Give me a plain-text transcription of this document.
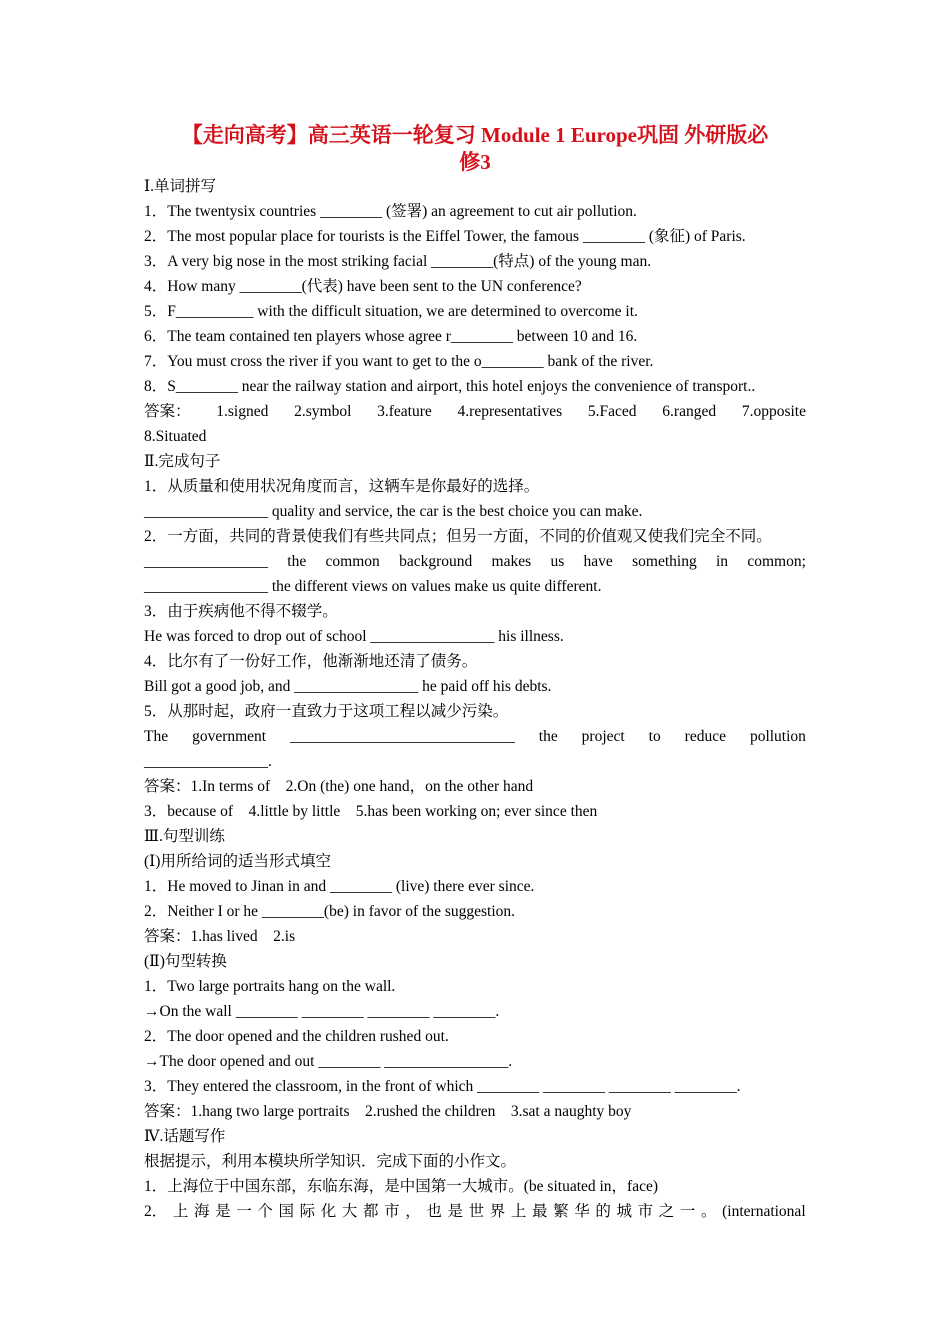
【走向高考】高三英语一轮复习 Module 1 Europe巩固 外研版必
修3
Ⅰ.单词拼写
1．The twentysix countries ________ (签署) an agreement to cut air pollution.
2．The most popular place for tourists is the Eiffel Tower, the famous ________ (象征) of Paris.
3．A very big nose in the most striking facial ________(特点) of the young man.
4．How many ________(代表) have been sent to the UN conference?
5．F__________ with the difficult situation, we are determined to overcome it.
6．The team contained ten players whose agree r________ between 10 and 16.
7．You must cross the river if you want to get to the o________ bank of the river.
8．S________ near the railway station and airport, this hotel enjoys the convenience of transport..
答案： 1.signed 2.symbol 3.feature 4.representatives 5.Faced 6.ranged 7.opposite
8.Situated
Ⅱ.完成句子
1．从质量和使用状况角度而言，这辆车是你最好的选择。
________________ quality and service, the car is the best choice you can make.
2．一方面，共同的背景使我们有些共同点；但另一方面，不同的价值观又使我们完全不同。
________________ the common background makes us have something in common;
________________ the different views on values make us quite different.
3．由于疾病他不得不辍学。
He was forced to drop out of school ________________ his illness.
4．比尔有了一份好工作，他渐渐地还清了债务。
Bill got a good job, and ________________ he paid off his debts.
5．从那时起，政府一直致力于这项工程以减少污染。
The government _____________________________ the project to reduce pollution
________________.
答案：1.In terms of　2.On (the) one hand，on the other hand
3．because of　4.little by little　5.has been working on; ever since then
Ⅲ.句型训练
(Ⅰ)用所给词的适当形式填空
1．He moved to Jinan in and ________ (live) there ever since.
2．Neither I or he ________(be) in favor of the suggestion.
答案：1.has lived　2.is
(Ⅱ)句型转换
1．Two large portraits hang on the wall.
→On the wall ________ ________ ________ ________.
2．The door opened and the children rushed out.
→The door opened and out ________ ________________.
3．They entered the classroom, in the front of which ________ ________ ________ ________.
答案：1.hang two large portraits　2.rushed the children　3.sat a naughty boy
Ⅳ.话题写作
根据提示，利用本模块所学知识．完成下面的小作文。
1．上海位于中国东部，东临东海，是中国第一大城市。(be situated in，face)
2． 上 海 是 一 个 国 际 化 大 都 市 ， 也 是 世 界 上 最 繁 华 的 城 市 之 一 。 (international
